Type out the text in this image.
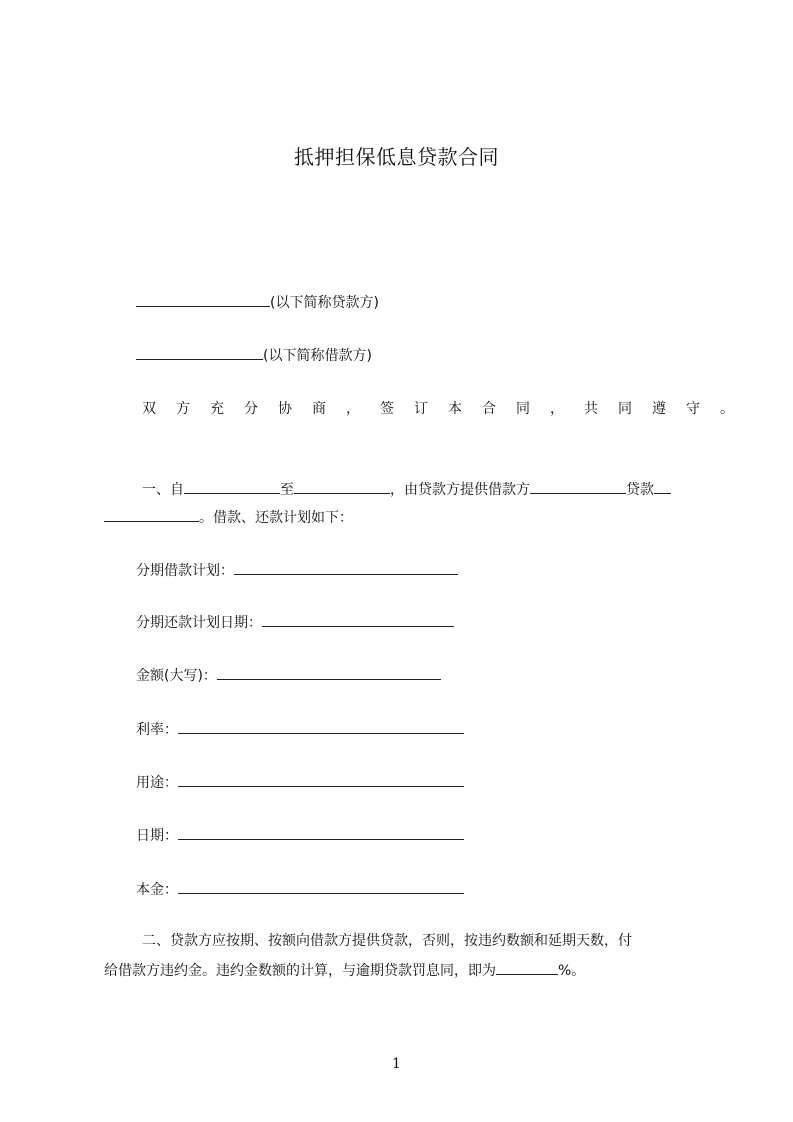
抵押担保低息贷款合同
(以下简称贷款方)
(以下简称借款方)
双方充分协商，签订本合同，共同遵守。
一、自	至	，由贷款方提供借款方	贷款
。借款、还款计划如下：
分期借款计划：
分期还款计划日期：
金额(大写)：
利率：
用途：
日期：
本金：
二、贷款方应按期、按额向借款方提供贷款，否则，按违约数额和延期天数，付
给借款方违约金。违约金数额的计算，与逾期贷款罚息同，即为	%。
1
